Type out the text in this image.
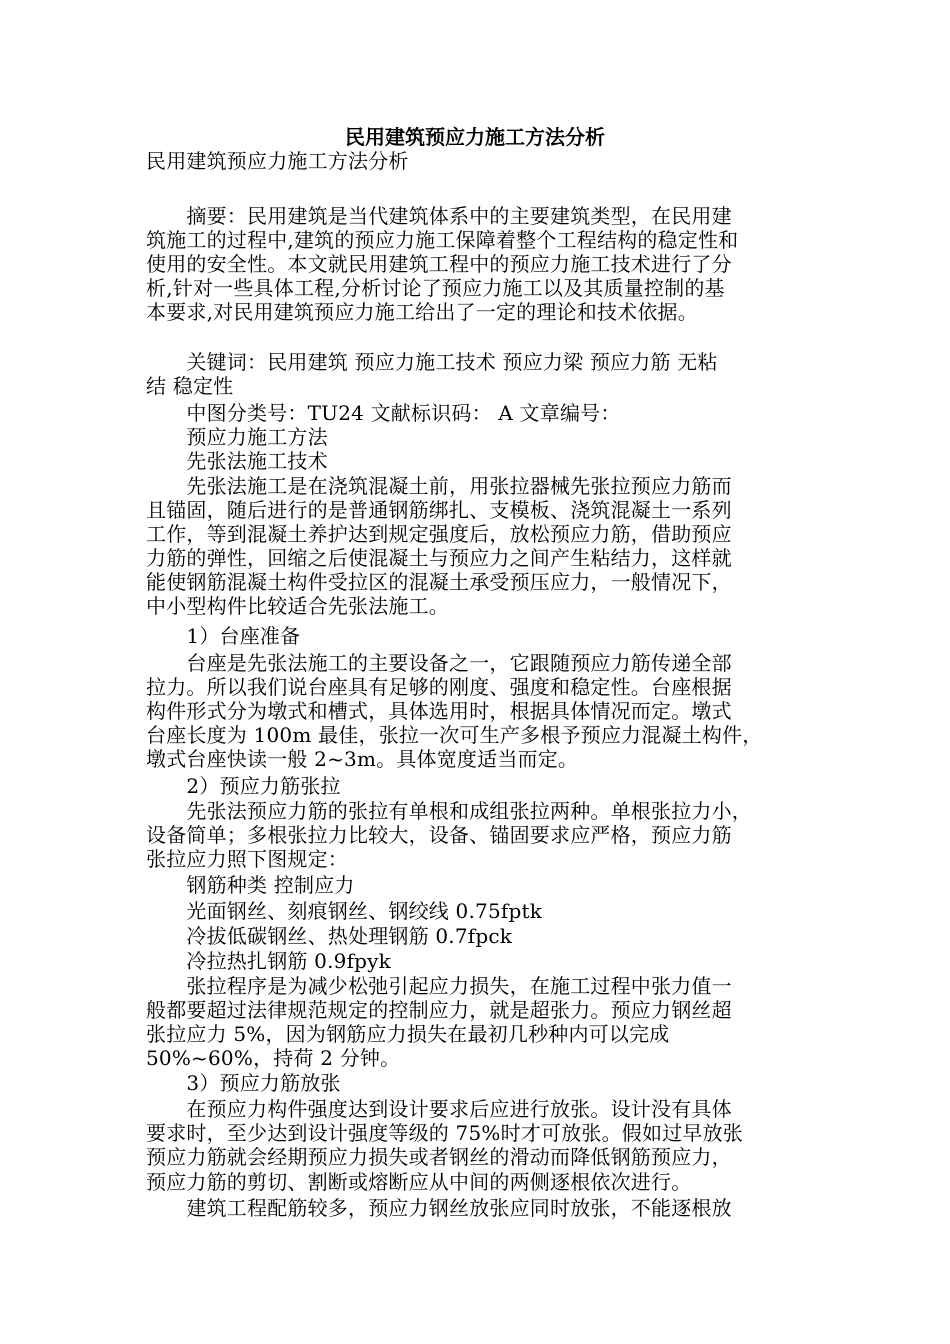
民用建筑预应力施工方法分析
民用建筑预应力施工方法分析
　　摘要：民用建筑是当代建筑体系中的主要建筑类型，在民用建
筑施工的过程中,建筑的预应力施工保障着整个工程结构的稳定性和
使用的安全性。本文就民用建筑工程中的预应力施工技术进行了分
析,针对一些具体工程,分析讨论了预应力施工以及其质量控制的基
本要求,对民用建筑预应力施工给出了一定的理论和技术依据。
　　关键词：民用建筑 预应力施工技术 预应力梁 预应力筋 无粘
结 稳定性
　　中图分类号：TU24 文献标识码： A 文章编号：
　　预应力施工方法
　　先张法施工技术
　　先张法施工是在浇筑混凝土前，用张拉器械先张拉预应力筋而
且锚固，随后进行的是普通钢筋绑扎、支模板、浇筑混凝土一系列
工作，等到混凝土养护达到规定强度后，放松预应力筋，借助预应
力筋的弹性，回缩之后使混凝土与预应力之间产生粘结力，这样就
能使钢筋混凝土构件受拉区的混凝土承受预压应力，一般情况下，
中小型构件比较适合先张法施工。
　　1）台座准备
　　台座是先张法施工的主要设备之一，它跟随预应力筋传递全部
拉力。所以我们说台座具有足够的刚度、强度和稳定性。台座根据
构件形式分为墩式和槽式，具体选用时，根据具体情况而定。墩式
台座长度为 100m 最佳，张拉一次可生产多根予预应力混凝土构件，
墩式台座快读一般 2~3m。具体宽度适当而定。
　　2）预应力筋张拉
　　先张法预应力筋的张拉有单根和成组张拉两种。单根张拉力小，
设备简单；多根张拉力比较大，设备、锚固要求应严格，预应力筋
张拉应力照下图规定：
　　钢筋种类 控制应力
　　光面钢丝、刻痕钢丝、钢绞线 0.75fptk
　　冷拔低碳钢丝、热处理钢筋 0.7fpck
　　冷拉热扎钢筋 0.9fpyk
　　张拉程序是为减少松弛引起应力损失，在施工过程中张力值一
般都要超过法律规范规定的控制应力，就是超张力。预应力钢丝超
张拉应力 5%，因为钢筋应力损失在最初几秒种内可以完成
50%~60%，持荷 2 分钟。
　　3）预应力筋放张
　　在预应力构件强度达到设计要求后应进行放张。设计没有具体
要求时，至少达到设计强度等级的 75%时才可放张。假如过早放张
预应力筋就会经期预应力损失或者钢丝的滑动而降低钢筋预应力，
预应力筋的剪切、割断或熔断应从中间的两侧逐根依次进行。
　　建筑工程配筋较多，预应力钢丝放张应同时放张，不能逐根放
